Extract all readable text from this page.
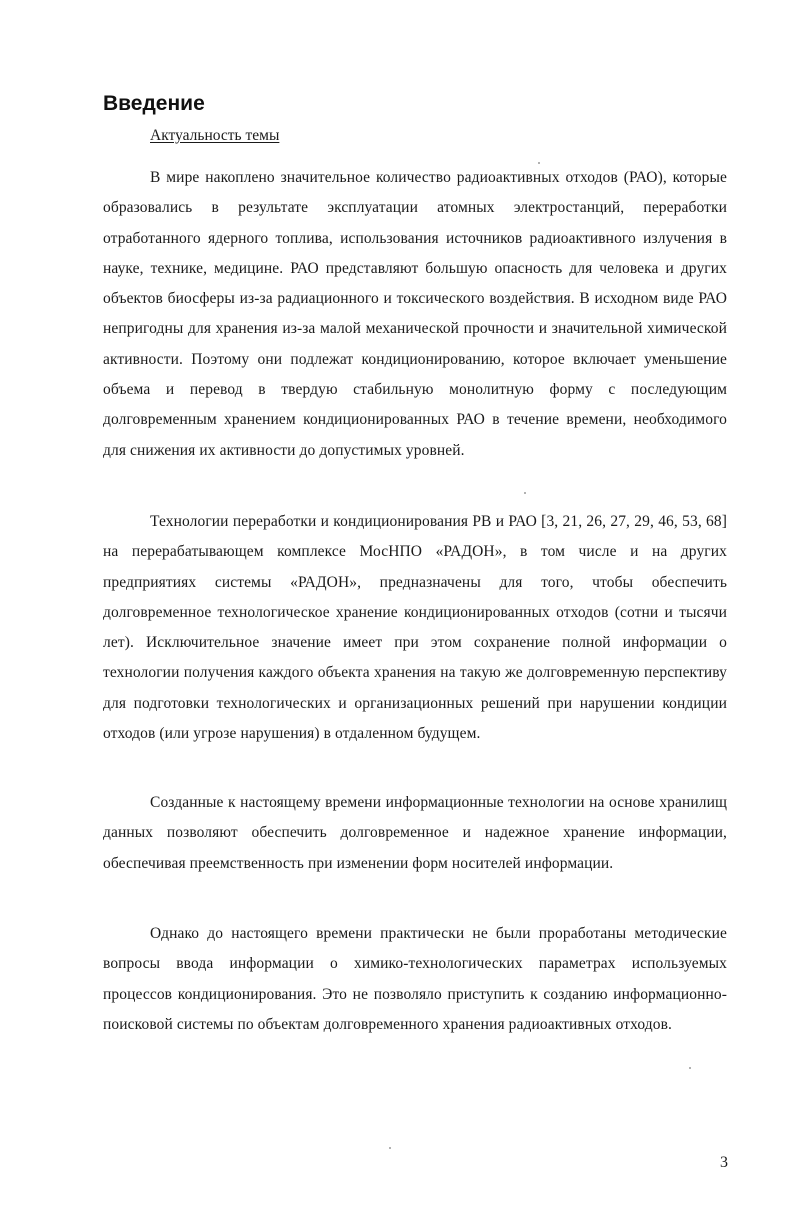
Введение

Актуальность темы

В мире накоплено значительное количество радиоактивных отходов (РАО), которые образовались в результате эксплуатации атомных электростанций, переработки отработанного ядерного топлива, использования источников радиоактивного излучения в науке, технике, медицине. РАО представляют большую опасность для человека и других объектов биосферы из-за радиационного и токсического воздействия. В исходном виде РАО непригодны для хранения из-за малой механической прочности и значительной химической активности. Поэтому они подлежат кондиционированию, которое включает уменьшение объема и перевод в твердую стабильную монолитную форму с последующим долговременным хранением кондиционированных РАО в течение времени, необходимого для снижения их активности до допустимых уровней.

Технологии переработки и кондиционирования РВ и РАО [3, 21, 26, 27, 29, 46, 53, 68] на перерабатывающем комплексе МосНПО «РАДОН», в том числе и на других предприятиях системы «РАДОН», предназначены для того, чтобы обеспечить долговременное технологическое хранение кондиционированных отходов (сотни и тысячи лет). Исключительное значение имеет при этом сохранение полной информации о технологии получения каждого объекта хранения на такую же долговременную перспективу для подготовки технологических и организационных решений при нарушении кондиции отходов (или угрозе нарушения) в отдаленном будущем.

Созданные к настоящему времени информационные технологии на основе хранилищ данных позволяют обеспечить долговременное и надежное хранение информации, обеспечивая преемственность при изменении форм носителей информации.

Однако до настоящего времени практически не были проработаны методические вопросы ввода информации о химико-технологических параметрах используемых процессов кондиционирования. Это не позволяло приступить к созданию информационно-поисковой системы по объектам долговременного хранения радиоактивных отходов.

3
